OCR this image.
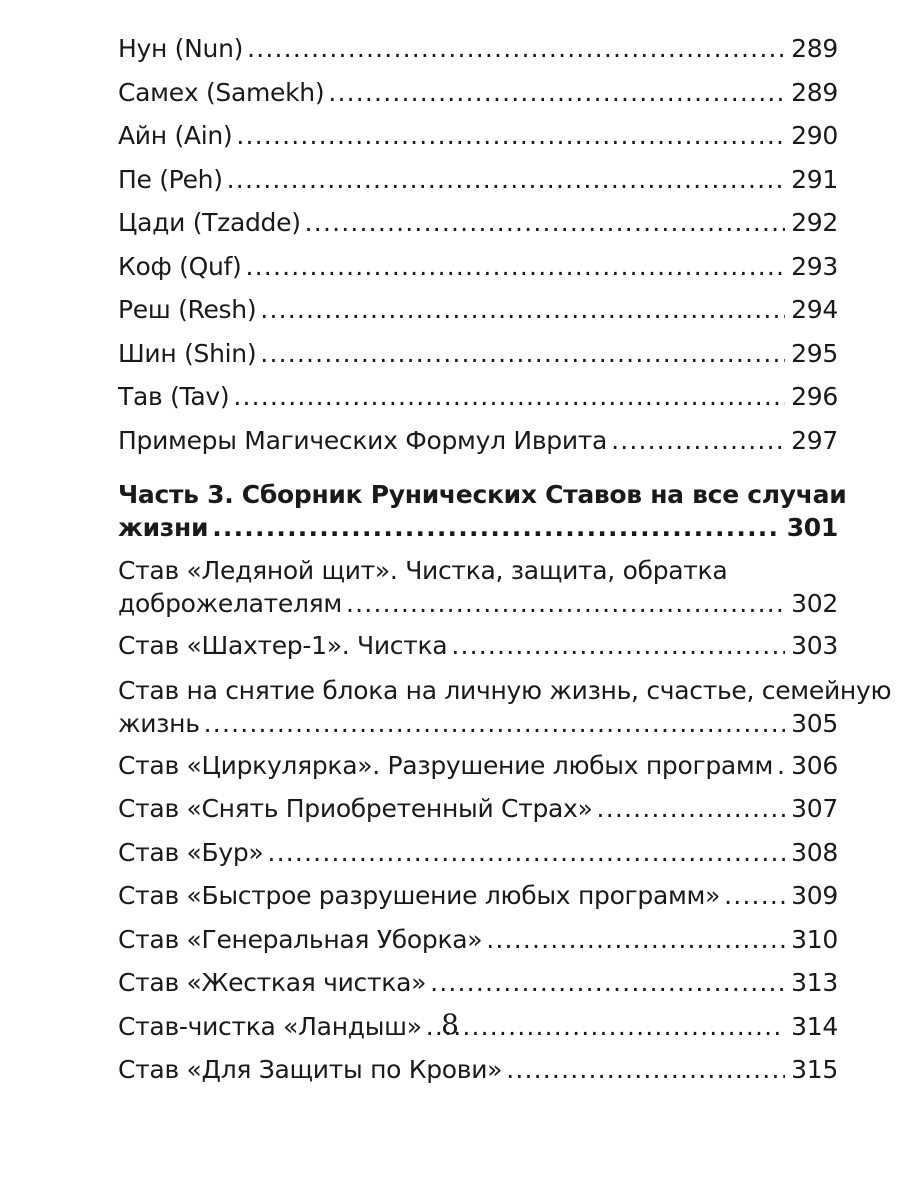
Нун (Nun) .....	289
Самех (Samekh) .....	289
Айн (Ain) .....	290
Пе (Peh) .....	291
Цади (Tzadde) .....	292
Коф (Quf) .....	293
Реш (Resh) .....	294
Шин (Shin) .....	295
Тав (Tav) .....	296
Примеры Магических Формул Иврита .....	297
Часть 3. Сборник Рунических Ставов на все случаи
жизни .....	301
Став «Ледяной щит». Чистка, защита, обратка
доброжелателям .....	302
Став «Шахтер-1». Чистка .....	303
Став на снятие блока на личную жизнь, счастье, семейную
жизнь .....	305
Став «Циркулярка». Разрушение любых программ ..... 306
Став «Снять Приобретенный Страх» .....	307
Став «Бур» .....	308
Став «Быстрое разрушение любых программ» .....	309
Став «Генеральная Уборка» .....	310
Став «Жесткая чистка» .....	313
Став-чистка «Ландыш» .....	314
Став «Для Защиты по Крови» .....	315
8
